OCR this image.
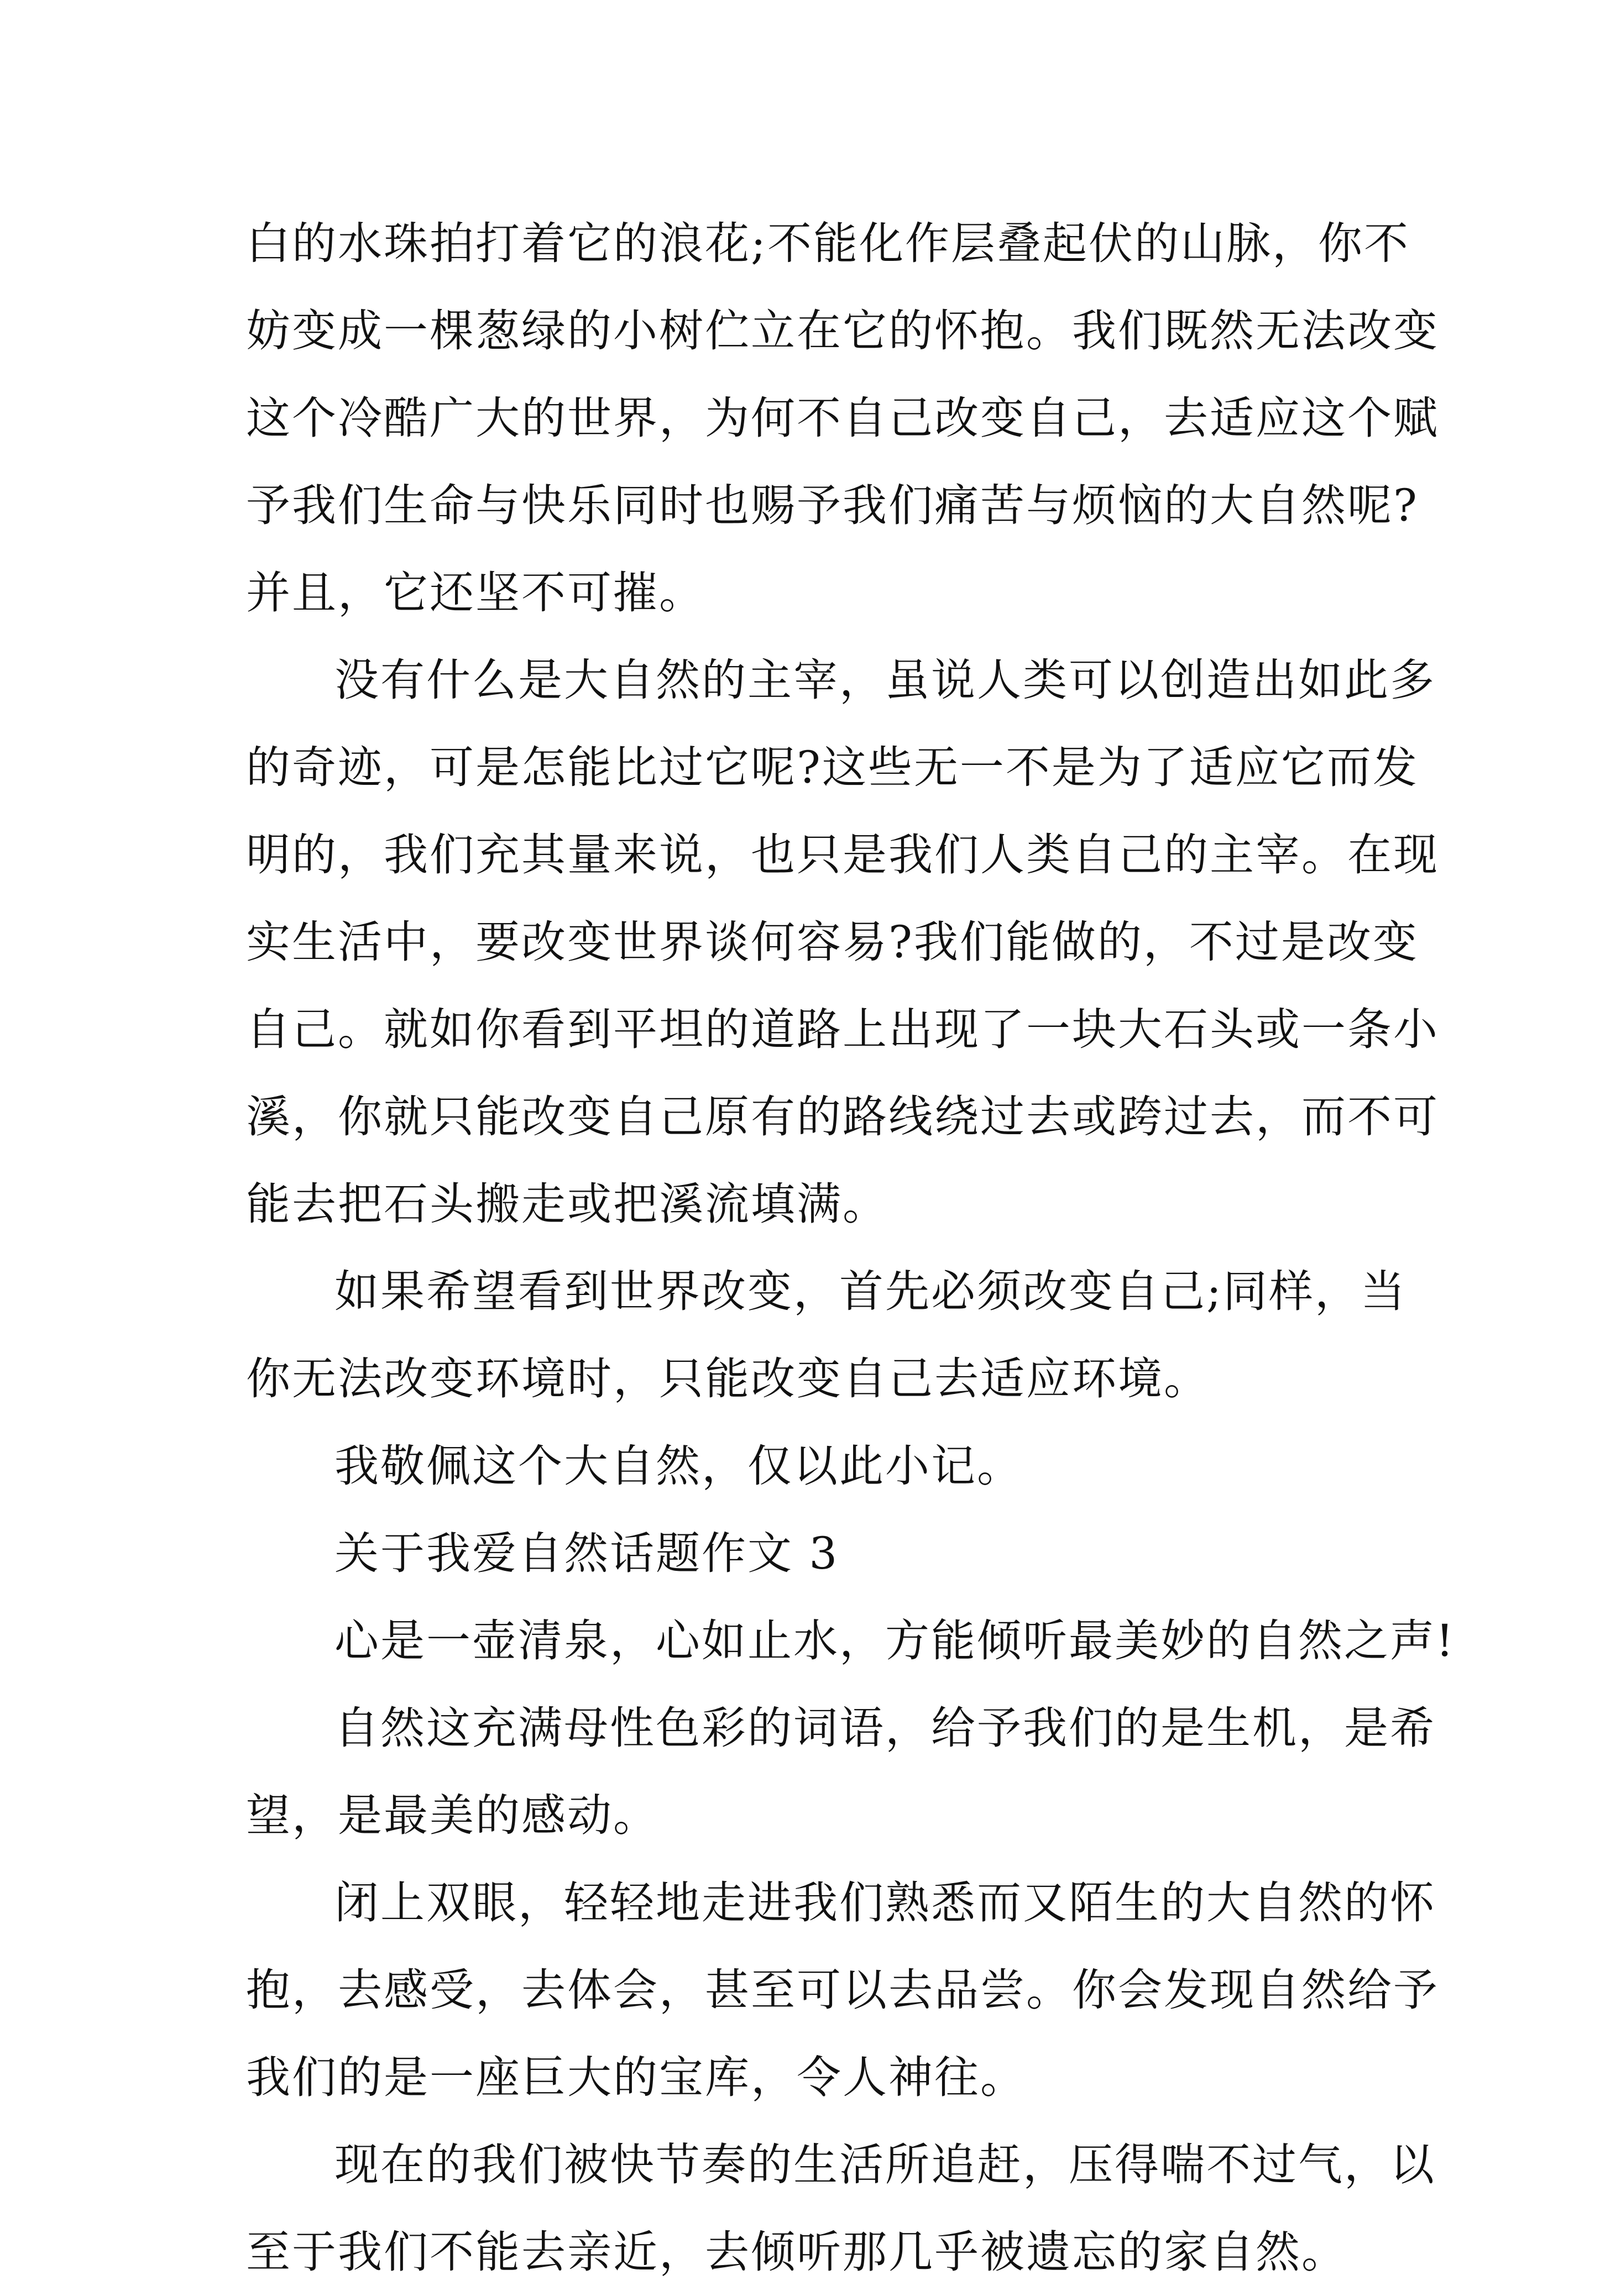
白的水珠拍打着它的浪花;不能化作层叠起伏的山脉，你不
妨变成一棵葱绿的小树伫立在它的怀抱。我们既然无法改变
这个冷酷广大的世界，为何不自己改变自己，去适应这个赋
予我们生命与快乐同时也赐予我们痛苦与烦恼的大自然呢?
并且，它还坚不可摧。
没有什么是大自然的主宰，虽说人类可以创造出如此多
的奇迹，可是怎能比过它呢?这些无一不是为了适应它而发
明的，我们充其量来说，也只是我们人类自己的主宰。在现
实生活中，要改变世界谈何容易?我们能做的，不过是改变
自己。就如你看到平坦的道路上出现了一块大石头或一条小
溪，你就只能改变自己原有的路线绕过去或跨过去，而不可
能去把石头搬走或把溪流填满。
如果希望看到世界改变，首先必须改变自己;同样，当
你无法改变环境时，只能改变自己去适应环境。
我敬佩这个大自然，仅以此小记。
关于我爱自然话题作文 3
心是一壶清泉，心如止水，方能倾听最美妙的自然之声!
自然这充满母性色彩的词语，给予我们的是生机，是希
望，是最美的感动。
闭上双眼，轻轻地走进我们熟悉而又陌生的大自然的怀
抱，去感受，去体会，甚至可以去品尝。你会发现自然给予
我们的是一座巨大的宝库，令人神往。
现在的我们被快节奏的生活所追赶，压得喘不过气，以
至于我们不能去亲近，去倾听那几乎被遗忘的家自然。
